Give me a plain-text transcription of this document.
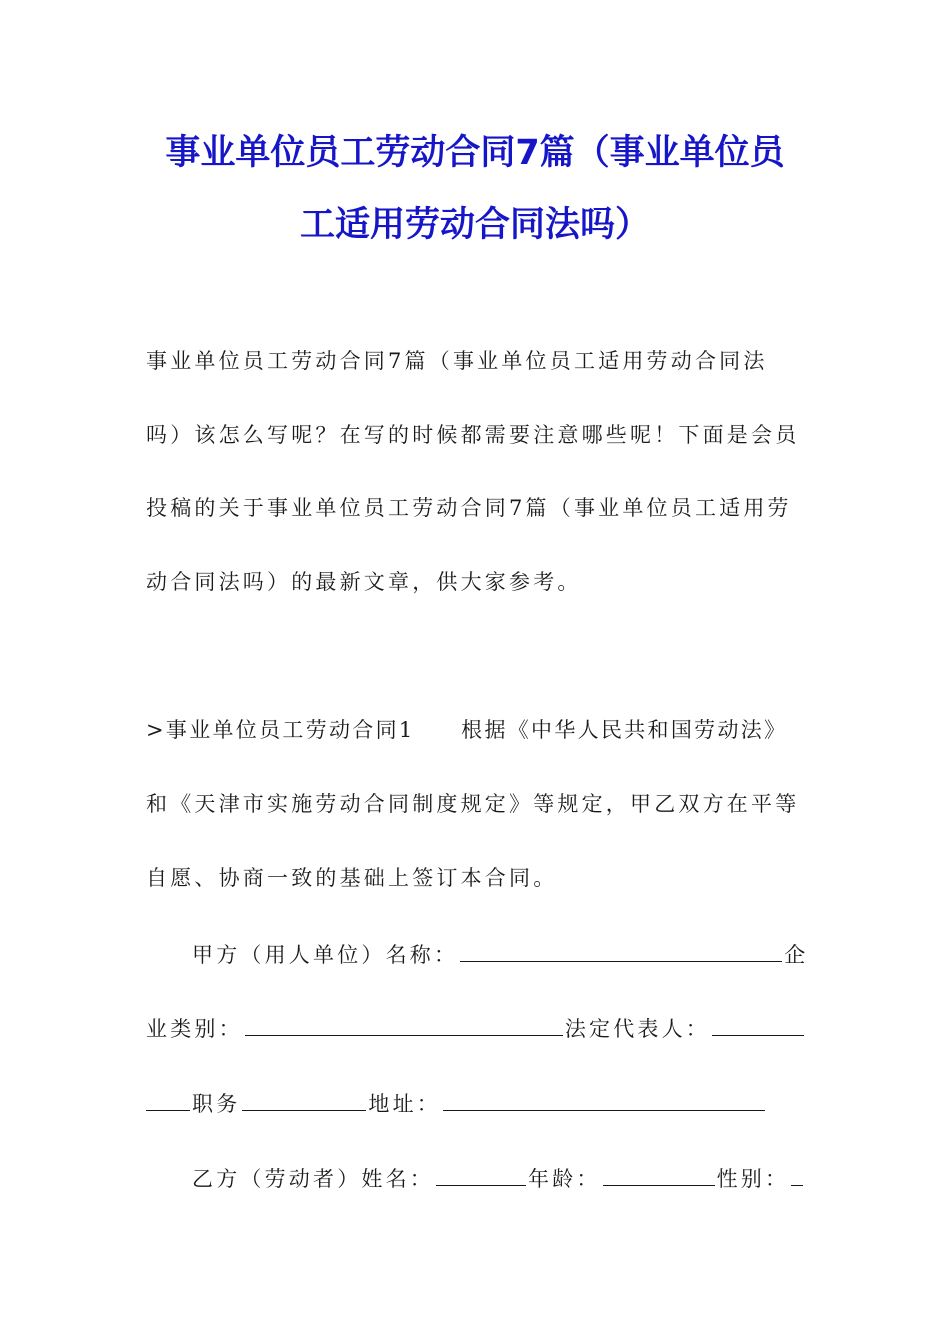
事业单位员工劳动合同7篇（事业单位员
工适用劳动合同法吗）
事业单位员工劳动合同7篇（事业单位员工适用劳动合同法
吗）该怎么写呢？在写的时候都需要注意哪些呢！下面是会员
投稿的关于事业单位员工劳动合同7篇（事业单位员工适用劳
动合同法吗）的最新文章，供大家参考。
>事业单位员工劳动合同1　　根据《中华人民共和国劳动法》
和《天津市实施劳动合同制度规定》等规定，甲乙双方在平等
自愿、协商一致的基础上签订本合同。
甲方（用人单位）名称：	企
业类别：	法定代表人：
职务	地址：
乙方（劳动者）姓名：	年龄：	性别：
